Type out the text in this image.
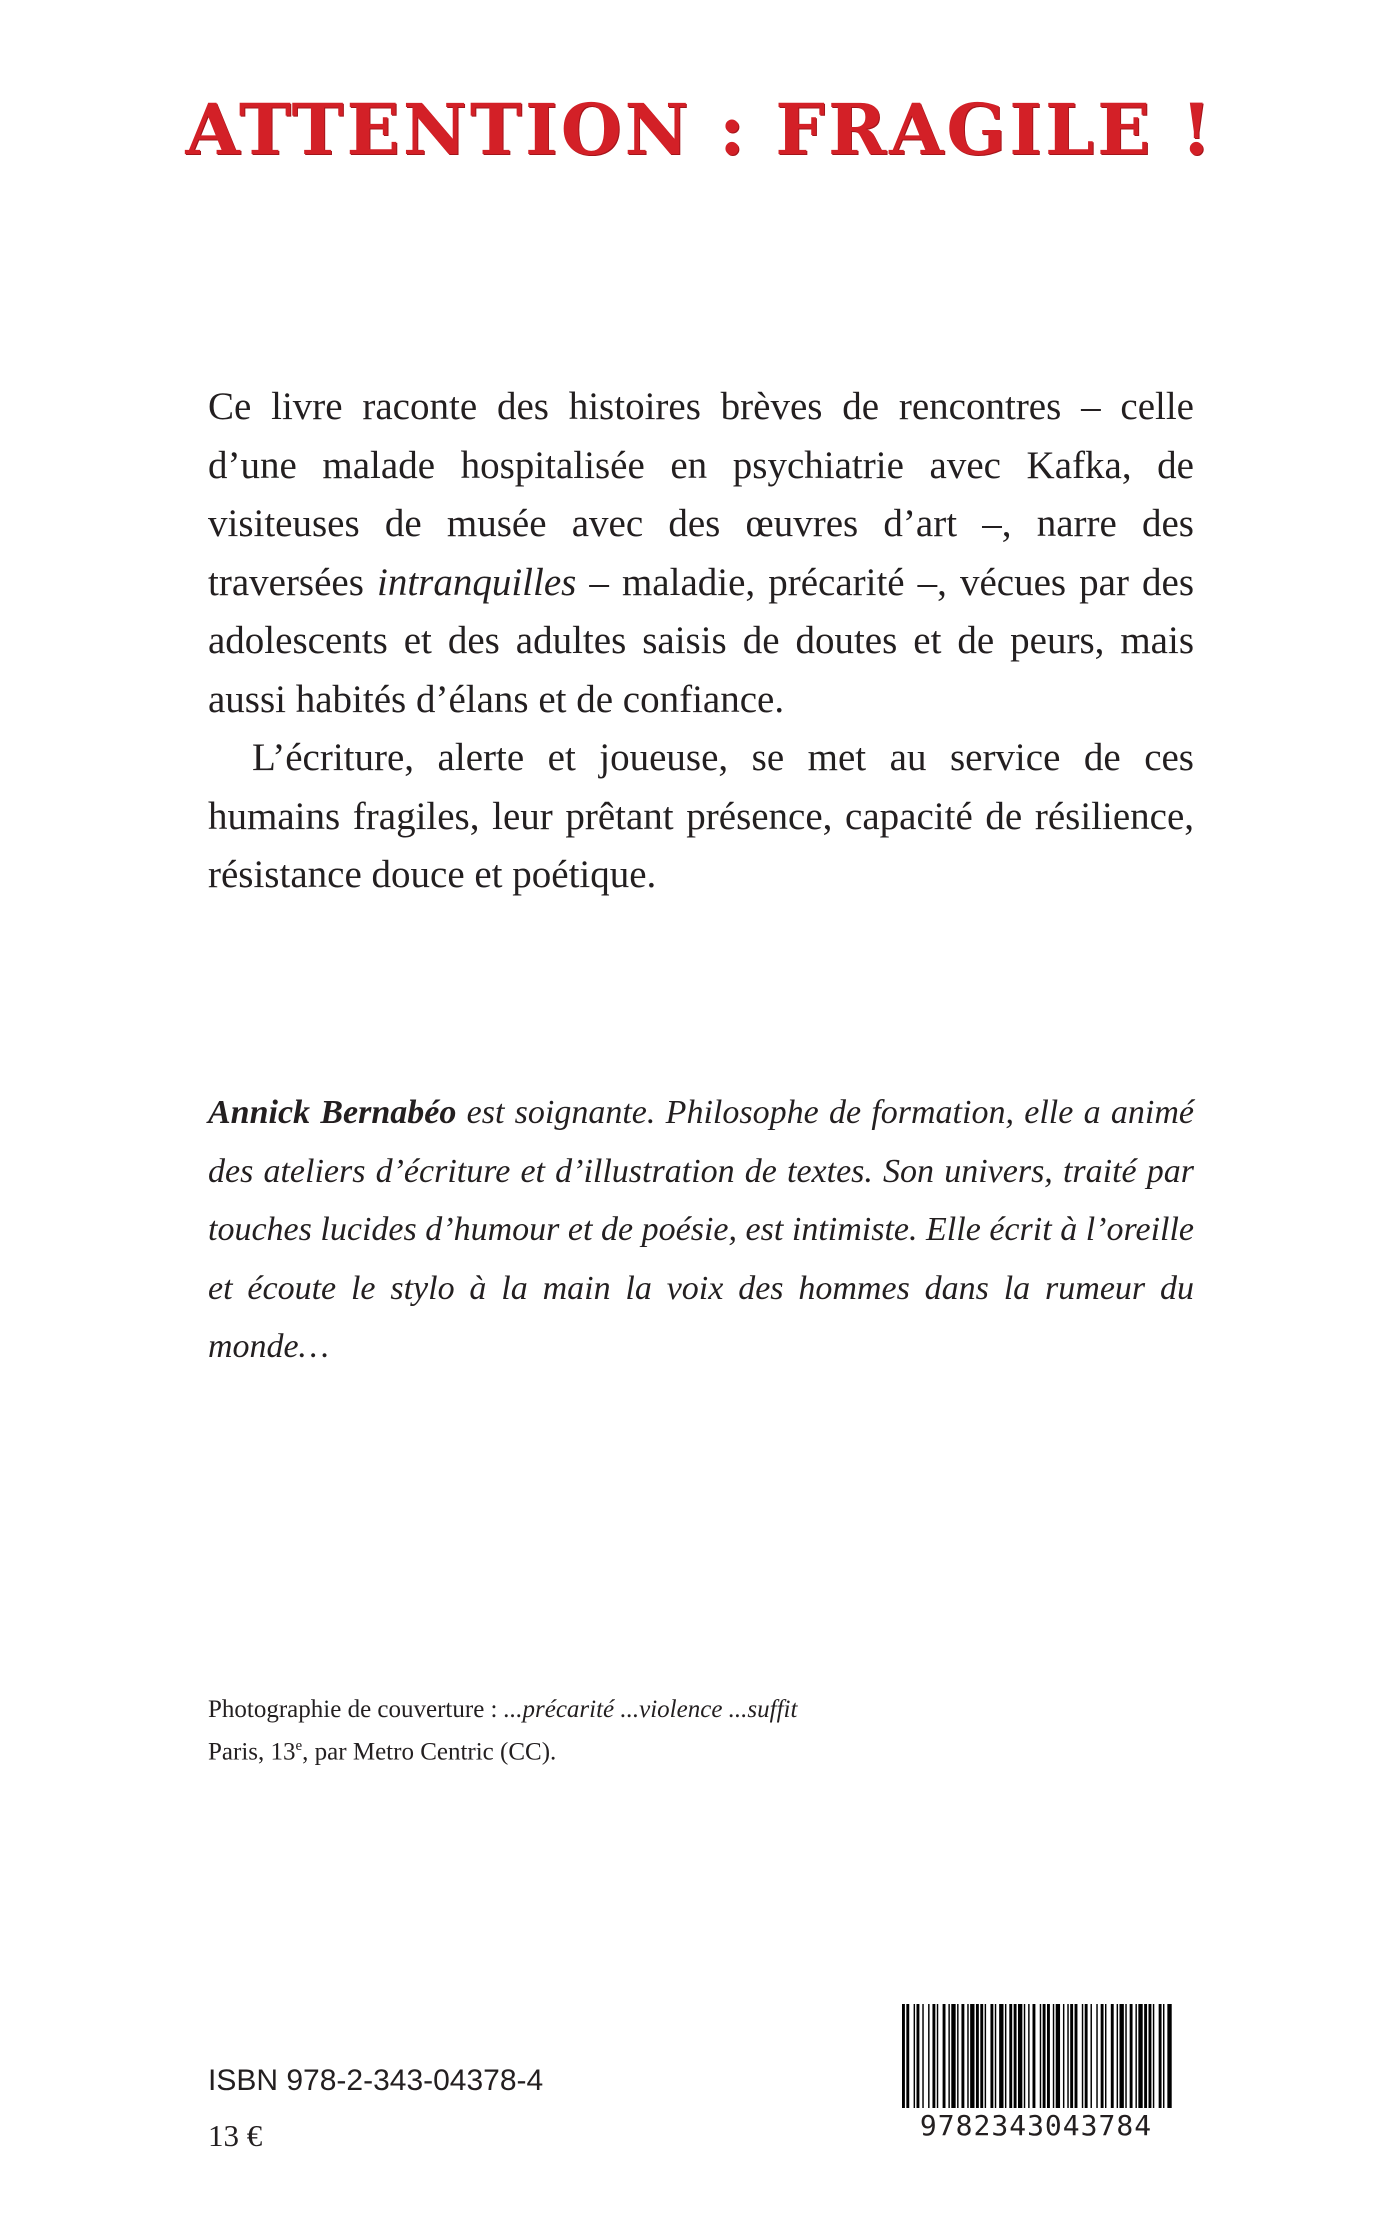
ATTENTION : FRAGILE !

Ce livre raconte des histoires brèves de rencontres – celle d’une malade hospitalisée en psychiatrie avec Kafka, de visiteuses de musée avec des œuvres d’art –, narre des traversées intranquilles – maladie, précarité –, vécues par des adolescents et des adultes saisis de doutes et de peurs, mais aussi habités d’élans et de confiance.

L’écriture, alerte et joueuse, se met au service de ces humains fragiles, leur prêtant présence, capacité de résilience, résistance douce et poétique.

Annick Bernabéo est soignante. Philosophe de formation, elle a animé des ateliers d’écriture et d’illustration de textes. Son univers, traité par touches lucides d’humour et de poésie, est intimiste. Elle écrit à l’oreille et écoute le stylo à la main la voix des hommes dans la rumeur du monde…
Photographie de couverture : ...précarité ...violence ...suffit
Paris, 13e, par Metro Centric (CC).
ISBN 978-2-343-04378-4
13 €	9782343043784
